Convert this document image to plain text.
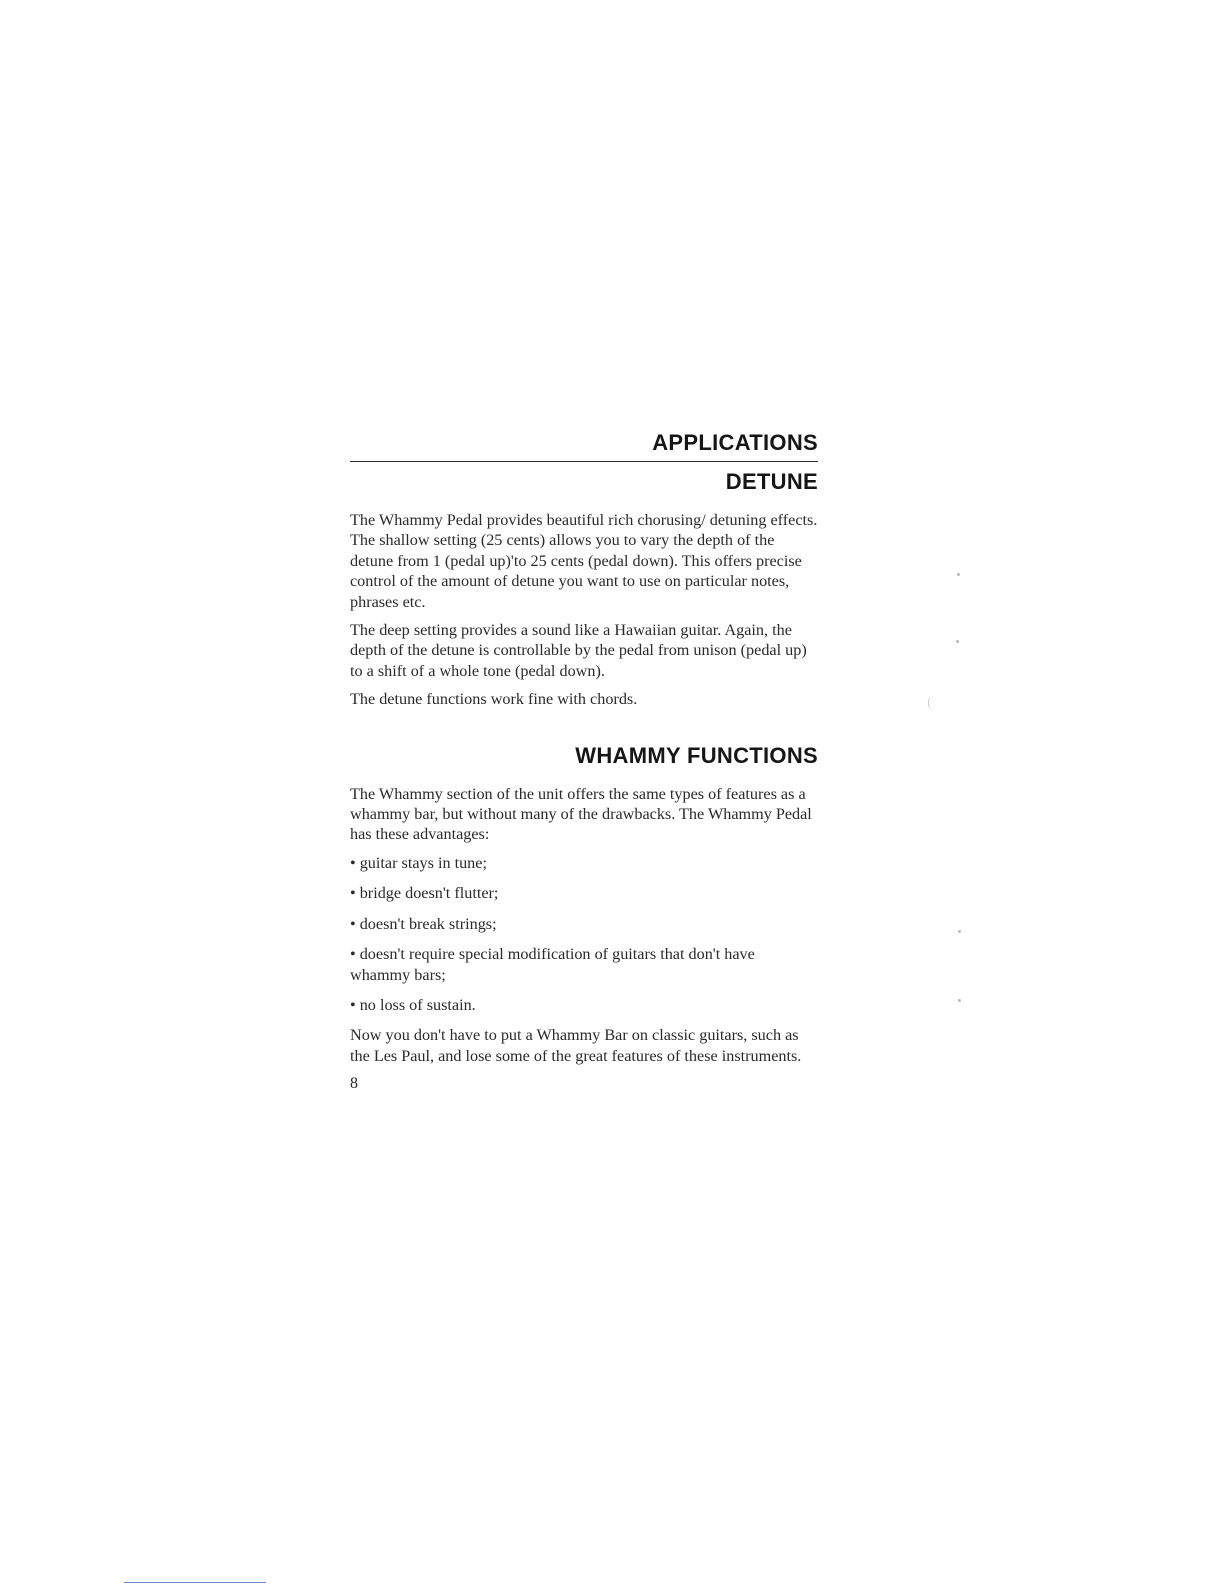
APPLICATIONS
DETUNE

The Whammy Pedal provides beautiful rich chorusing/ detuning effects. The shallow setting (25 cents) allows you to vary the depth of the detune from 1 (pedal up)'to 25 cents (pedal down). This offers precise control of the amount of detune you want to use on particular notes, phrases etc.

The deep setting provides a sound like a Hawaiian guitar. Again, the depth of the detune is controllable by the pedal from unison (pedal up) to a shift of a whole tone (pedal down).

The detune functions work fine with chords.

WHAMMY FUNCTIONS

The Whammy section of the unit offers the same types of features as a whammy bar, but without many of the drawbacks. The Whammy Pedal has these advantages:

• guitar stays in tune;

• bridge doesn't flutter;

• doesn't break strings;

• doesn't require special modification of guitars that don't have whammy bars;

• no loss of sustain.

Now you don't have to put a Whammy Bar on classic guitars, such as the Les Paul, and lose some of the great features of these instruments.

8
